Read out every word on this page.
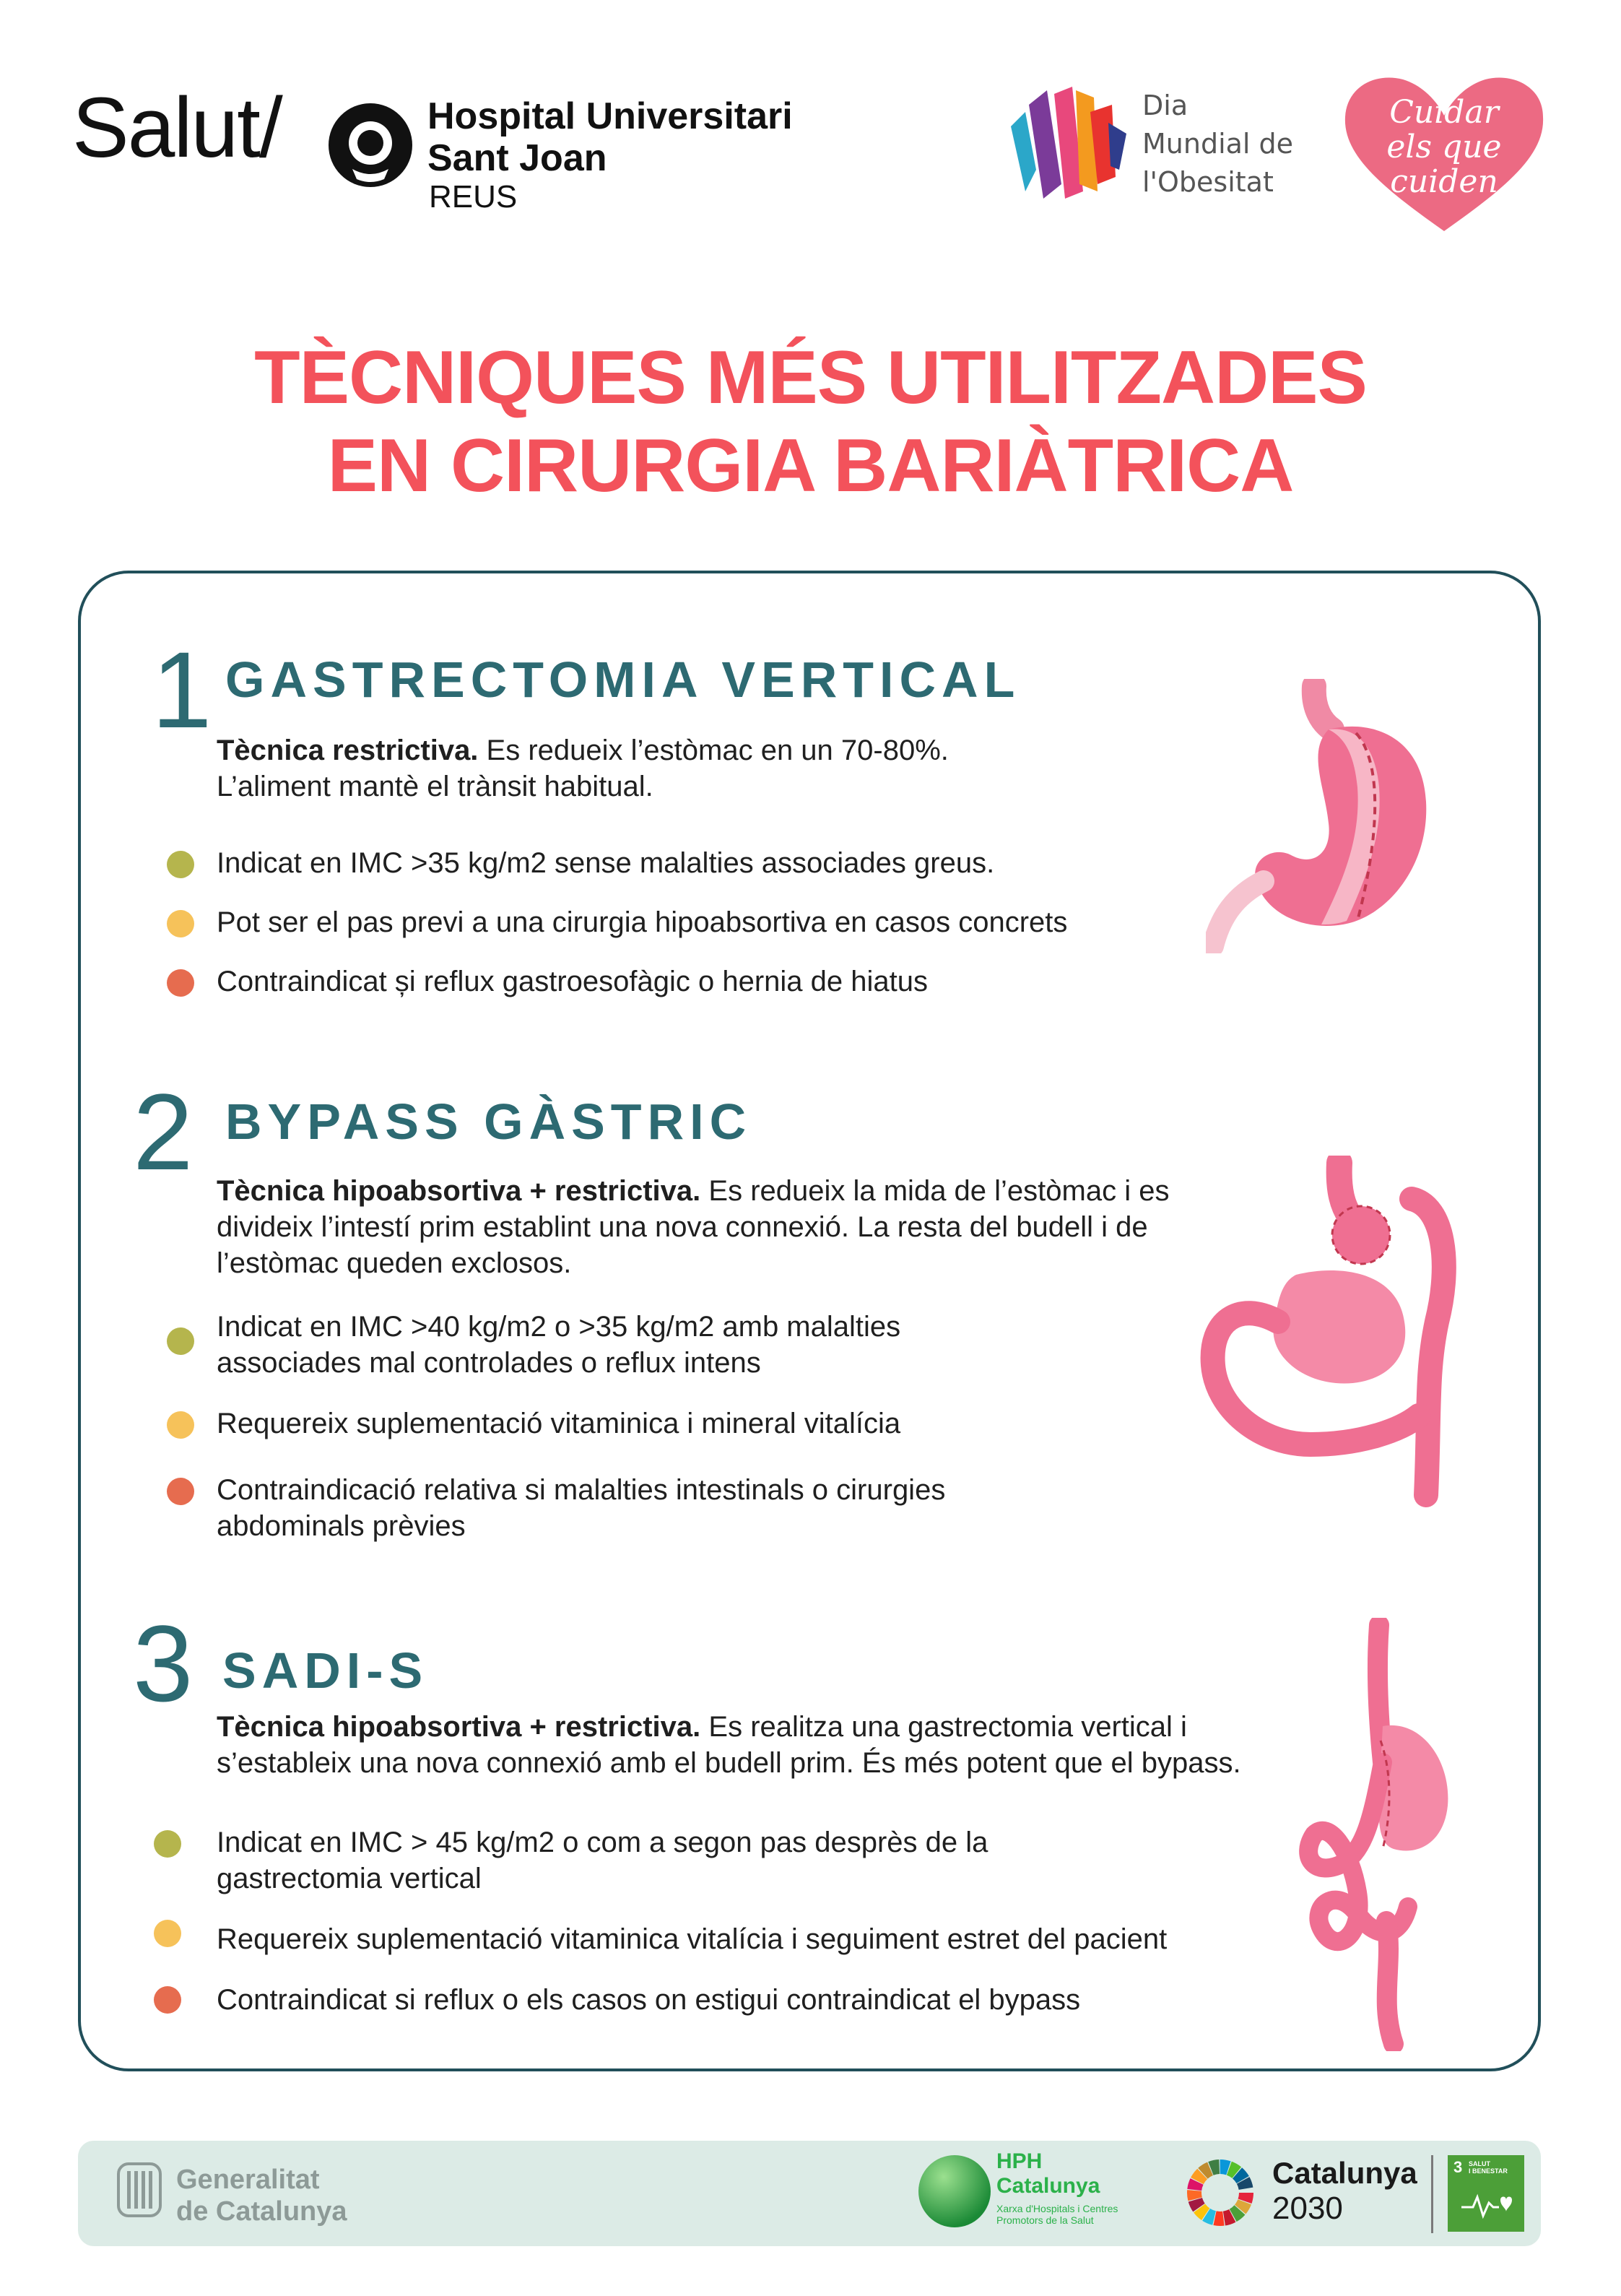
Salut/	Hospital Universitari
Sant Joan
REUS
Dia
Mundial de
l'Obesitat
Cuidar
els que
cuiden
TÈCNIQUES MÉS UTILITZADES
EN CIRURGIA BARIÀTRICA
1 GASTRECTOMIA VERTICAL
Tècnica restrictiva. Es redueix l’estòmac en un 70-80%.
L’aliment mantè el trànsit habitual.
Indicat en IMC >35 kg/m2 sense malalties associades greus.
Pot ser el pas previ a una cirurgia hipoabsortiva en casos concrets
Contraindicat și reflux gastroesofàgic o hernia de hiatus
2 BYPASS GÀSTRIC
Tècnica hipoabsortiva + restrictiva. Es redueix la mida de l’estòmac i es
divideix l’intestí prim establint una nova connexió. La resta del budell i de
l’estòmac queden exclosos.
Indicat en IMC >40 kg/m2 o >35 kg/m2 amb malalties
associades mal controlades o reflux intens
Requereix suplementació vitaminica i mineral vitalícia
Contraindicació relativa si malalties intestinals o cirurgies
abdominals prèvies
3 SADI-S
Tècnica hipoabsortiva + restrictiva. Es realitza una gastrectomia vertical i
s’estableix una nova connexió amb el budell prim. És més potent que el bypass.
Indicat en IMC > 45 kg/m2 o com a segon pas desprès de la
gastrectomia vertical
Requereix suplementació vitaminica vitalícia i seguiment estret del pacient
Contraindicat si reflux o els casos on estigui contraindicat el bypass
Generalitat
de Catalunya
HPH
Catalunya
Xarxa d'Hospitals i Centres
Promotors de la Salut
Catalunya
2030
3 SALUT
I BENESTAR
